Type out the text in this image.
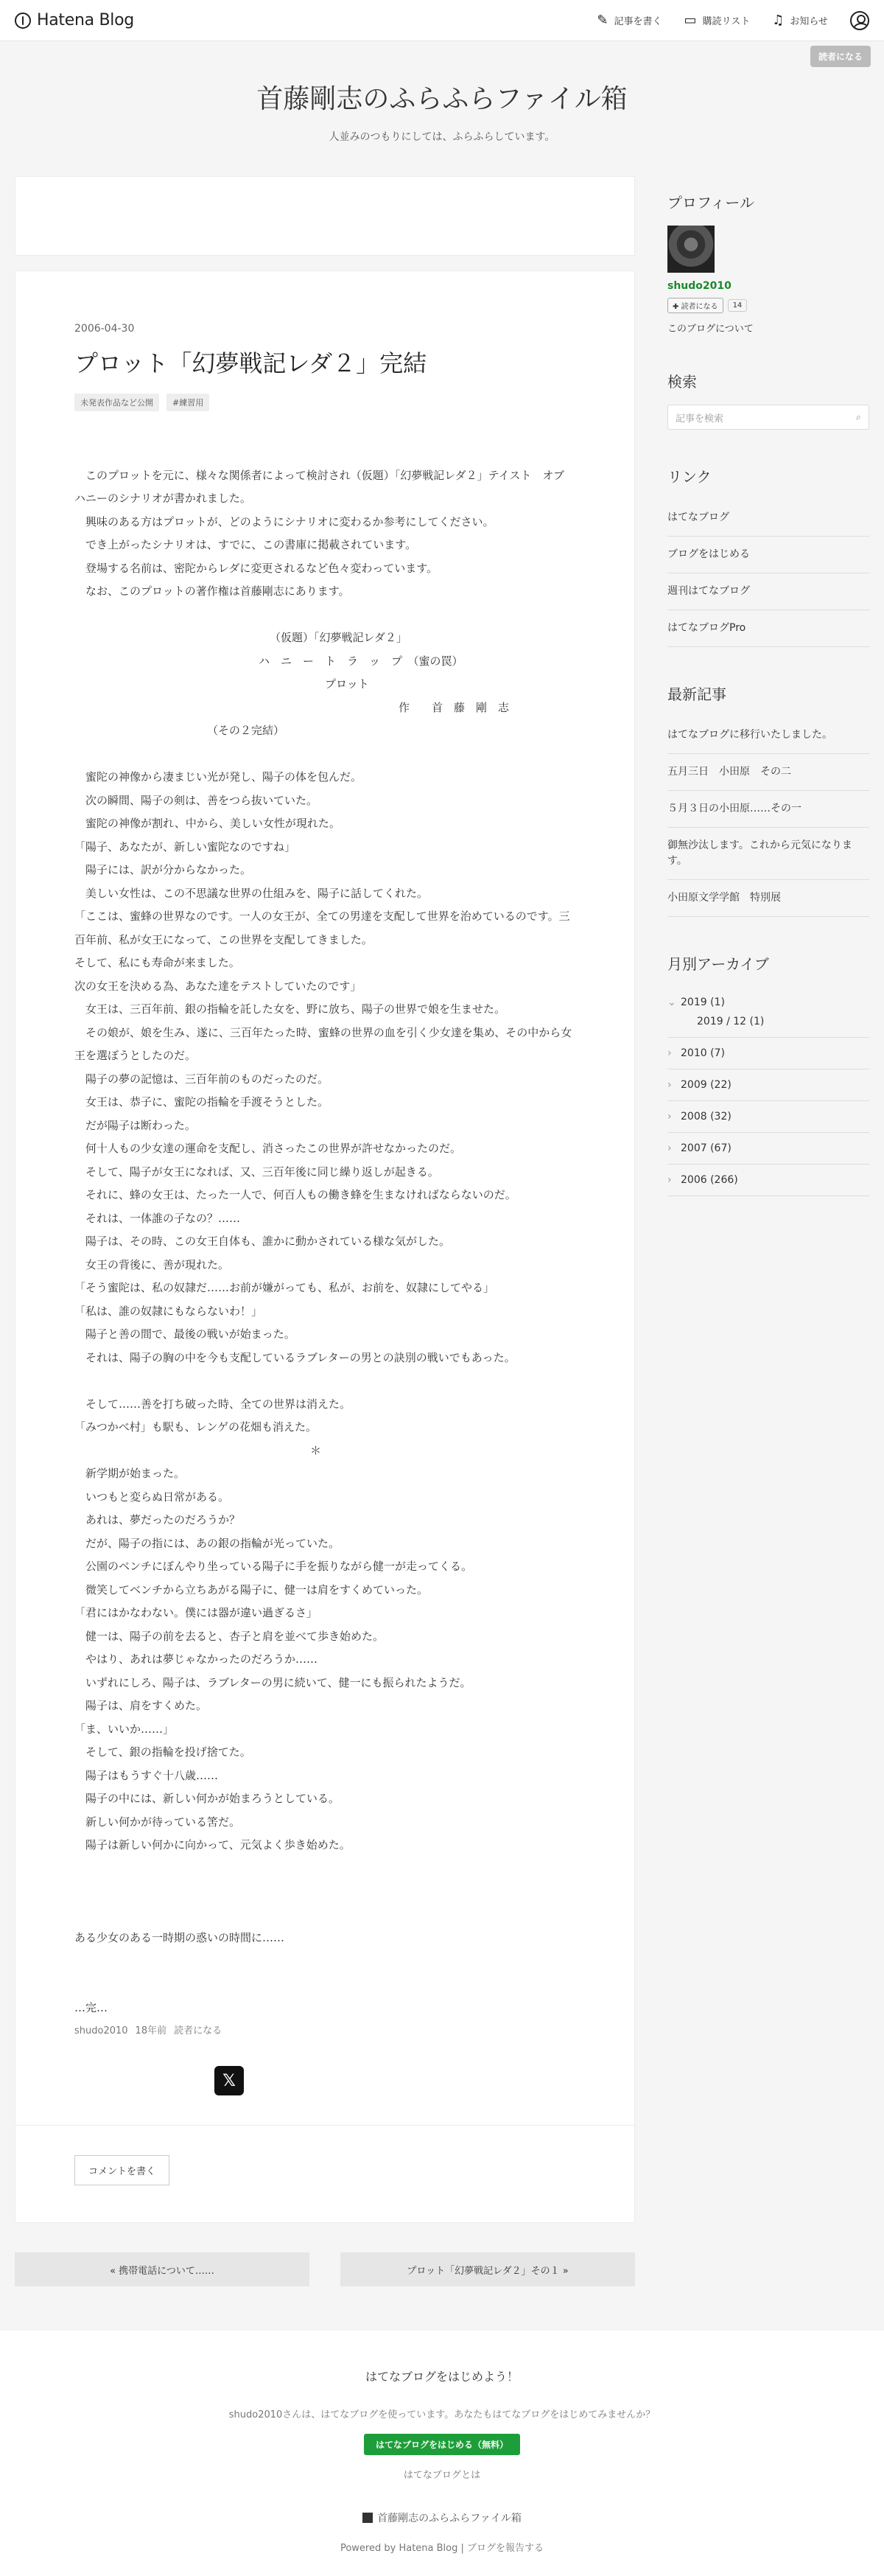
Hatena Blog	✎ 記事を書く ▭ 購読リスト ♫ お知らせ
読者になる
首藤剛志のふらふらファイル箱

人並みのつもりにしては、ふらふらしています。

2006-04-30
プロット「幻夢戦記レダ２」完結
未発表作品など公開	#練習用

　このプロットを元に、様々な関係者によって検討され（仮題）「幻夢戦記レダ２」テイスト　オブ　ハニーのシナリオが書かれました。

　興味のある方はプロットが、どのようにシナリオに変わるか参考にしてください。

　でき上がったシナリオは、すでに、この書庫に掲載されています。

　登場する名前は、密陀からレダに変更されるなど色々変わっています。

　なお、このプロットの著作権は首藤剛志にあります。

（仮題）「幻夢戦記レダ２」

ハ　ニ　ー　ト　ラ　ッ　プ　（蜜の罠）

プロット

作　　首　藤　剛　志

（その２完結）

　蜜陀の神像から凄まじい光が発し、陽子の体を包んだ。

　次の瞬間、陽子の剣は、善をつら抜いていた。

　蜜陀の神像が割れ、中から、美しい女性が現れた。

「陽子、あなたが、新しい蜜陀なのですね」

　陽子には、訳が分からなかった。

　美しい女性は、この不思議な世界の仕組みを、陽子に話してくれた。

「ここは、蜜蜂の世界なのです。一人の女王が、全ての男達を支配して世界を治めているのです。三百年前、私が女王になって、この世界を支配してきました。

そして、私にも寿命が来ました。

次の女王を決める為、あなた達をテストしていたのです」

　女王は、三百年前、銀の指輪を託した女を、野に放ち、陽子の世界で娘を生ませた。

　その娘が、娘を生み、遂に、三百年たった時、蜜蜂の世界の血を引く少女達を集め、その中から女王を選ぼうとしたのだ。

　陽子の夢の記憶は、三百年前のものだったのだ。

　女王は、恭子に、蜜陀の指輪を手渡そうとした。

　だが陽子は断わった。

　何十人もの少女達の運命を支配し、消さったこの世界が許せなかったのだ。

　そして、陽子が女王になれば、又、三百年後に同じ繰り返しが起きる。

　それに、蜂の女王は、たった一人で、何百人もの働き蜂を生まなければならないのだ。

　それは、一体誰の子なの？……

　陽子は、その時、この女王自体も、誰かに動かされている様な気がした。

　女王の背後に、善が現れた。

「そう蜜陀は、私の奴隷だ……お前が嫌がっても、私が、お前を、奴隷にしてやる」

「私は、誰の奴隷にもならないわ！」

　陽子と善の間で、最後の戦いが始まった。

　それは、陽子の胸の中を今も支配しているラブレターの男との訣別の戦いでもあった。

　そして……善を打ち破った時、全ての世界は消えた。

「みつかべ村」も駅も、レンゲの花畑も消えた。

＊

　新学期が始まった。

　いつもと変らぬ日常がある。

　あれは、夢だったのだろうか？

　だが、陽子の指には、あの銀の指輪が光っていた。

　公園のベンチにぼんやり坐っている陽子に手を振りながら健一が走ってくる。

　微笑してベンチから立ちあがる陽子に、健一は肩をすくめていった。

「君にはかなわない。僕には器が違い過ぎるさ」

　健一は、陽子の前を去ると、杏子と肩を並べて歩き始めた。

　やはり、あれは夢じゃなかったのだろうか……

　いずれにしろ、陽子は、ラブレターの男に続いて、健一にも振られたようだ。

　陽子は、肩をすくめた。

「ま、いいか……」

　そして、銀の指輪を投げ捨てた。

　陽子はもうすぐ十八歳……

　陽子の中には、新しい何かが始まろうとしている。

　新しい何かが待っている筈だ。

　陽子は新しい何かに向かって、元気よく歩き始めた。

ある少女のある一時期の惑いの時間に……

…完…

shudo2010 18年前 読者になる
𝕏
コメントを書く
« 携帯電話について……	プロット「幻夢戦記レダ２」その１ »
プロフィール
shudo2010
✚ 読者になる	14
このブログについて
検索
記事を検索	⌕
リンク
はてなブログ
ブログをはじめる
週刊はてなブログ
はてなブログPro
最新記事
はてなブログに移行いたしました。
五月三日　小田原　その二
５月３日の小田原……その一
御無沙汰します。これから元気になります。
小田原文学学館　特別展
月別アーカイブ
⌄ 2019 (1)
2019 / 12 (1)
› 2010 (7)
› 2009 (22)
› 2008 (32)
› 2007 (67)
› 2006 (266)
はてなブログをはじめよう！
shudo2010さんは、はてなブログを使っています。あなたもはてなブログをはじめてみませんか？
はてなブログをはじめる（無料）
はてなブログとは
首藤剛志のふらふらファイル箱
Powered by Hatena Blog | ブログを報告する
